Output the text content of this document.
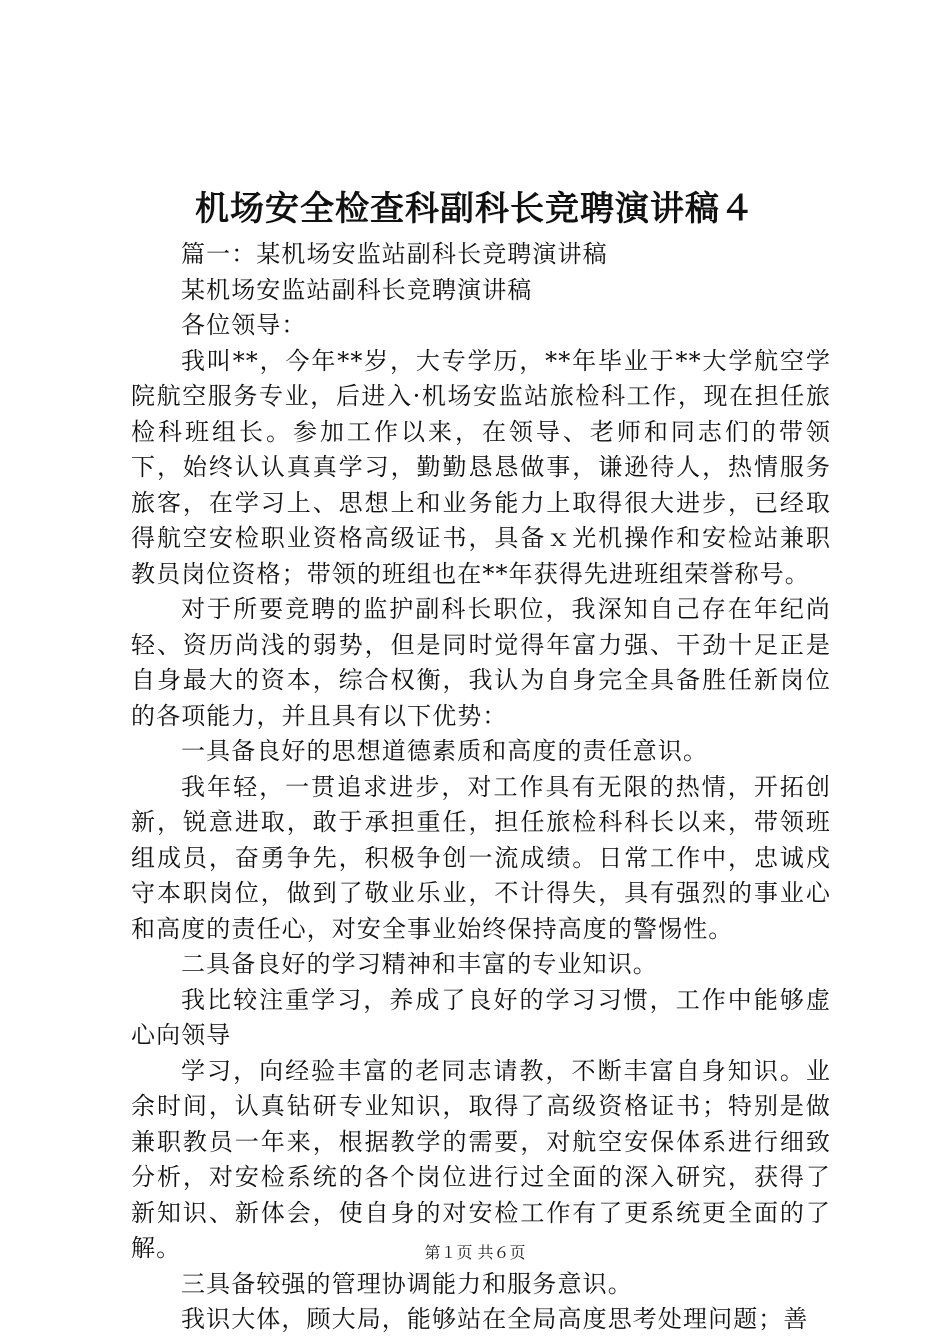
机场安全检查科副科长竞聘演讲稿４

篇一：某机场安监站副科长竞聘演讲稿

某机场安监站副科长竞聘演讲稿

各位领导：

我叫**，今年**岁，大专学历，**年毕业于**大学航空学院航空服务专业，后进入·机场安监站旅检科工作，现在担任旅检科班组长。参加工作以来，在领导、老师和同志们的带领下，始终认认真真学习，勤勤恳恳做事，谦逊待人，热情服务旅客，在学习上、思想上和业务能力上取得很大进步，已经取得航空安检职业资格高级证书，具备ｘ光机操作和安检站兼职教员岗位资格；带领的班组也在**年获得先进班组荣誉称号。

对于所要竞聘的监护副科长职位，我深知自己存在年纪尚轻、资历尚浅的弱势，但是同时觉得年富力强、干劲十足正是自身最大的资本，综合权衡，我认为自身完全具备胜任新岗位的各项能力，并且具有以下优势：

一具备良好的思想道德素质和高度的责任意识。

我年轻，一贯追求进步，对工作具有无限的热情，开拓创新，锐意进取，敢于承担重任，担任旅检科科长以来，带领班组成员，奋勇争先，积极争创一流成绩。日常工作中，忠诚戍守本职岗位，做到了敬业乐业，不计得失，具有强烈的事业心和高度的责任心，对安全事业始终保持高度的警惕性。

二具备良好的学习精神和丰富的专业知识。

我比较注重学习，养成了良好的学习习惯，工作中能够虚心向领导

学习，向经验丰富的老同志请教，不断丰富自身知识。业余时间，认真钻研专业知识，取得了高级资格证书；特别是做兼职教员一年来，根据教学的需要，对航空安保体系进行细致分析，对安检系统的各个岗位进行过全面的深入研究，获得了新知识、新体会，使自身的对安检工作有了更系统更全面的了解。

三具备较强的管理协调能力和服务意识。

我识大体，顾大局，能够站在全局高度思考处理问题；善

第１页 共６页
